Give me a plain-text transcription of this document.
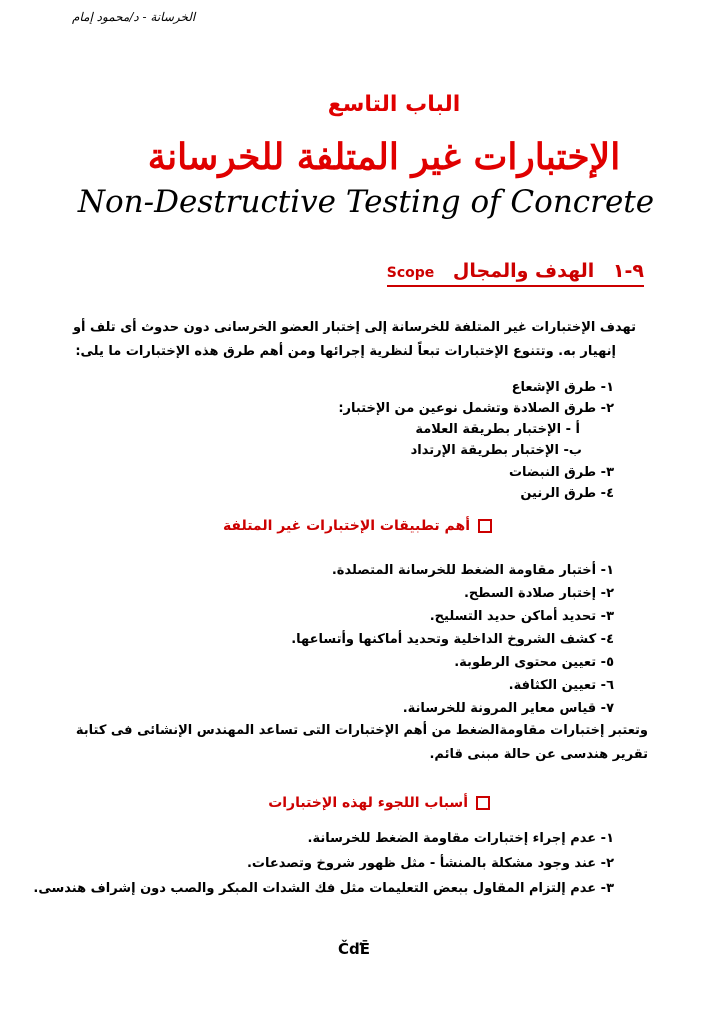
الخرسانة - د/محمود إمام
الباب التاسع
الإختبارات غير المتلفة للخرسانة
Non-Destructive Testing of Concrete
٩-١ الهدف والمجال Scope
تهدف الإختبارات غير المتلفة للخرسانة إلى إختبار العضو الخرسانى دون حدوث أى تلف أو
إنهيار به. وتتنوع الإختبارات تبعاً لنظرية إجرائها ومن أهم طرق هذه الإختبارات ما يلى:
١- طرق الإشعاع
٢- طرق الصلادة وتشمل نوعين من الإختبار:
أ - الإختبار بطريقة العلامة
ب- الإختبار بطريقة الإرتداد
٣- طرق النبضات
٤- طرق الرنين
أهم تطبيقات الإختبارات غير المتلفة
١- أختبار مقاومة الضغط للخرسانة المتصلدة.
٢- إختبار صلادة السطح.
٣- تحديد أماكن حديد التسليح.
٤- كشف الشروخ الداخلية وتحديد أماكنها وأتساعها.
٥- تعيين محتوى الرطوبة.
٦- تعيين الكثافة.
٧- قياس معاير المرونة للخرسانة.
وتعتبر إختبارات مقاومةالضغط من أهم الإختبارات التى تساعد المهندس الإنشائى فى كتابة
تقرير هندسى عن حالة مبنى قائم.
أسباب اللجوء لهذه الإختبارات
١- عدم إجراء إختبارات مقاومة الضغط للخرسانة.
٢- عند وجود مشكلة بالمنشأ - مثل ظهور شروخ وتصدعات.
٣- عدم إلتزام المقاول ببعض التعليمات مثل فك الشدات المبكر والصب دون إشراف هندسى.
ČďĒ
